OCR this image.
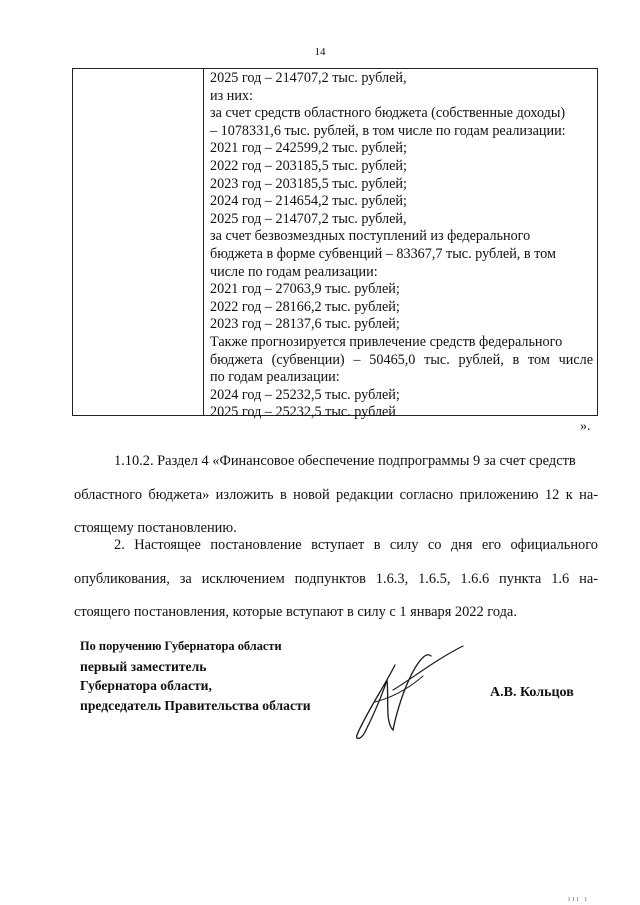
14
2025 год – 214707,2 тыс. рублей,
из них:
за счет средств областного бюджета (собственные доходы)
– 1078331,6 тыс. рублей, в том числе по годам реализации:
2021 год – 242599,2 тыс. рублей;
2022 год – 203185,5 тыс. рублей;
2023 год – 203185,5 тыс. рублей;
2024 год – 214654,2 тыс. рублей;
2025 год – 214707,2 тыс. рублей,
за счет безвозмездных поступлений из федерального
бюджета в форме субвенций – 83367,7 тыс. рублей, в том
числе по годам реализации:
2021 год – 27063,9 тыс. рублей;
2022 год – 28166,2 тыс. рублей;
2023 год – 28137,6 тыс. рублей;
Также прогнозируется привлечение средств федерального
бюджета (субвенции) – 50465,0 тыс. рублей, в том числе
по годам реализации:
2024 год – 25232,5 тыс. рублей;
2025 год – 25232,5 тыс. рублей
».
1.10.2. Раздел 4 «Финансовое обеспечение подпрограммы 9 за счет средств
областного бюджета» изложить в новой редакции согласно приложению 12 к на-
стоящему постановлению.
2. Настоящее постановление вступает в силу со дня его официального
опубликования, за исключением подпунктов 1.6.3, 1.6.5, 1.6.6 пункта 1.6 на-
стоящего постановления, которые вступают в силу с 1 января 2022 года.
По поручению Губернатора области
первый заместитель
Губернатора области,
председатель Правительства области
А.В. Кольцов
ııı ı
